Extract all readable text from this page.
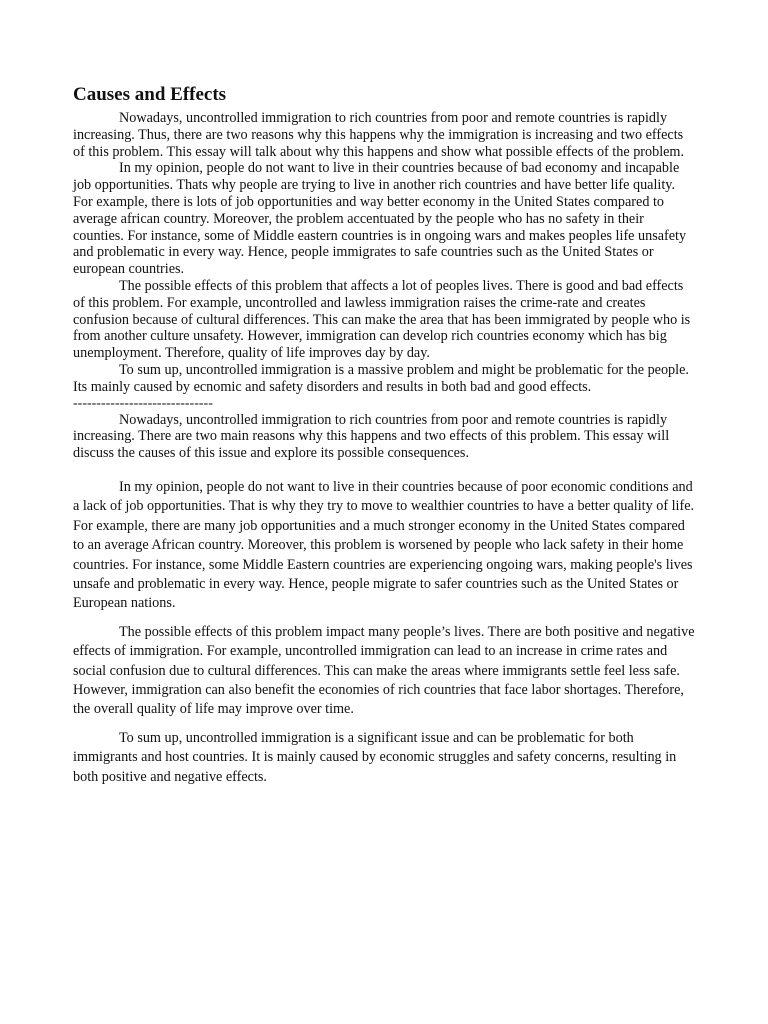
Causes and Effects

Nowadays, uncontrolled immigration to rich countries from poor and remote countries is rapidly increasing. Thus, there are two reasons why this happens why the immigration is increasing and two effects of this problem. This essay will talk about why this happens and show what possible effects of the problem.

In my opinion, people do not want to live in their countries because of bad economy and incapable job opportunities. Thats why people are trying to live in another rich countries and have better life quality. For example, there is lots of job opportunities and way better economy in the United States compared to average african country. Moreover, the problem accentuated by the people who has no safety in their counties. For instance, some of Middle eastern countries is in ongoing wars and makes peoples life unsafety and problematic in every way. Hence, people immigrates to safe countries such as the United States or european countries.

The possible effects of this problem that affects a lot of peoples lives. There is good and bad effects of this problem. For example, uncontrolled and lawless immigration raises the crime-rate and creates confusion because of cultural differences. This can make the area that has been immigrated by people who is from another culture unsafety. However, immigration can develop rich countries economy which has big unemployment. Therefore, quality of life improves day by day.

To sum up, uncontrolled immigration is a massive problem and might be problematic for the people. Its mainly caused by ecnomic and safety disorders and results in both bad and good effects.

------------------------------

Nowadays, uncontrolled immigration to rich countries from poor and remote countries is rapidly increasing. There are two main reasons why this happens and two effects of this problem. This essay will discuss the causes of this issue and explore its possible consequences.

In my opinion, people do not want to live in their countries because of poor economic conditions and a lack of job opportunities. That is why they try to move to wealthier countries to have a better quality of life. For example, there are many job opportunities and a much stronger economy in the United States compared to an average African country. Moreover, this problem is worsened by people who lack safety in their home countries. For instance, some Middle Eastern countries are experiencing ongoing wars, making people's lives unsafe and problematic in every way. Hence, people migrate to safer countries such as the United States or European nations.

The possible effects of this problem impact many people’s lives. There are both positive and negative effects of immigration. For example, uncontrolled immigration can lead to an increase in crime rates and social confusion due to cultural differences. This can make the areas where immigrants settle feel less safe. However, immigration can also benefit the economies of rich countries that face labor shortages. Therefore, the overall quality of life may improve over time.

To sum up, uncontrolled immigration is a significant issue and can be problematic for both immigrants and host countries. It is mainly caused by economic struggles and safety concerns, resulting in both positive and negative effects.
